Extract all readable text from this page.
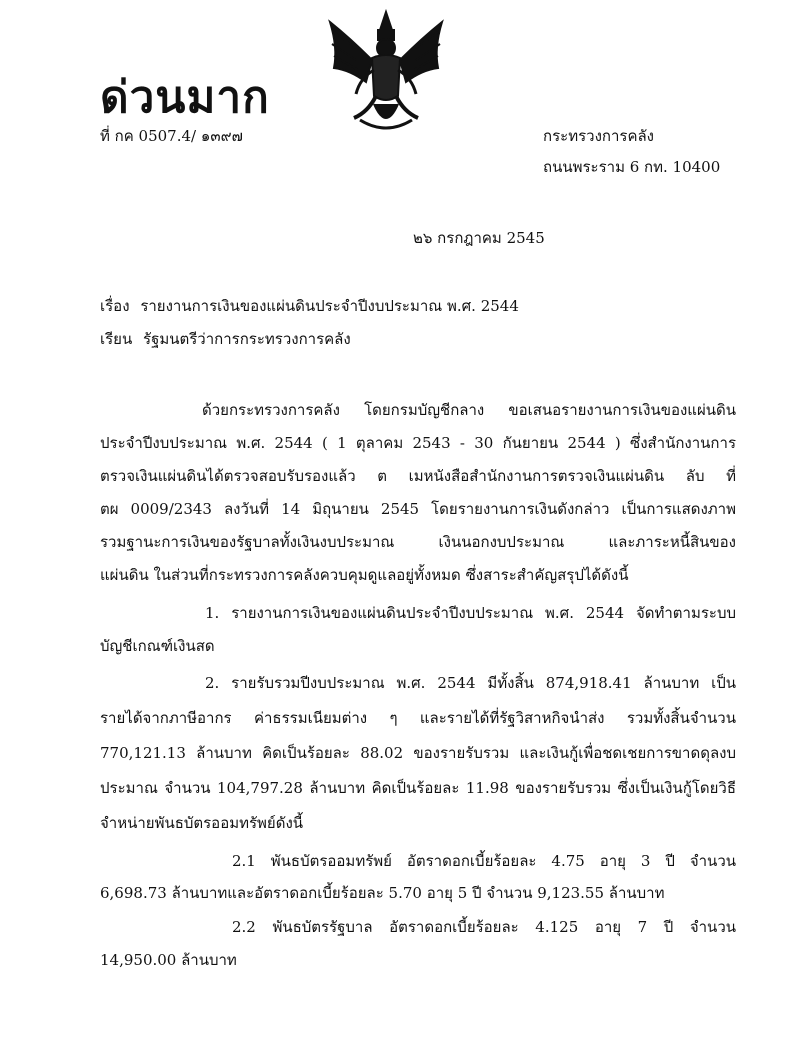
ด่วนมาก
ที่ กค 0507.4/ ๑๓๙๗	กระทรวงการคลัง
ถนนพระราม 6 กท. 10400
๒๖ กรกฎาคม 2545
เรื่อง รายงานการเงินของแผ่นดินประจำปีงบประมาณ พ.ศ. 2544
เรียน รัฐมนตรีว่าการกระทรวงการคลัง
ด้วยกระทรวงการคลัง โดยกรมบัญชีกลาง ขอเสนอรายงานการเงินของแผ่นดิน
ประจำปีงบประมาณ พ.ศ. 2544 ( 1 ตุลาคม 2543 - 30 กันยายน 2544 ) ซึ่งสำนักงานการ
ตรวจเงินแผ่นดินได้ตรวจสอบรับรองแล้ว ต เมหนังสือสำนักงานการตรวจเงินแผ่นดิน ลับ ที่
ตผ 0009/2343 ลงวันที่ 14 มิถุนายน 2545 โดยรายงานการเงินดังกล่าว เป็นการแสดงภาพ
รวมฐานะการเงินของรัฐบาลทั้งเงินงบประมาณ เงินนอกงบประมาณ และภาระหนี้สินของ
แผ่นดิน ในส่วนที่กระทรวงการคลังควบคุมดูแลอยู่ทั้งหมด ซึ่งสาระสำคัญสรุปได้ดังนี้
1. รายงานการเงินของแผ่นดินประจำปีงบประมาณ พ.ศ. 2544 จัดทำตามระบบ
บัญชีเกณฑ์เงินสด
2. รายรับรวมปีงบประมาณ พ.ศ. 2544 มีทั้งสิ้น 874,918.41 ล้านบาท เป็น
รายได้จากภาษีอากร ค่าธรรมเนียมต่าง ๆ และรายได้ที่รัฐวิสาหกิจนำส่ง รวมทั้งสิ้นจำนวน
770,121.13 ล้านบาท คิดเป็นร้อยละ 88.02 ของรายรับรวม และเงินกู้เพื่อชดเชยการขาดดุลงบ
ประมาณ จำนวน 104,797.28 ล้านบาท คิดเป็นร้อยละ 11.98 ของรายรับรวม ซึ่งเป็นเงินกู้โดยวิธี
จำหน่ายพันธบัตรออมทรัพย์ดังนี้
2.1 พันธบัตรออมทรัพย์ อัตราดอกเบี้ยร้อยละ 4.75 อายุ 3 ปี จำนวน
6,698.73 ล้านบาทและอัตราดอกเบี้ยร้อยละ 5.70 อายุ 5 ปี จำนวน 9,123.55 ล้านบาท
2.2 พันธบัตรรัฐบาล อัตราดอกเบี้ยร้อยละ 4.125 อายุ 7 ปี จำนวน
14,950.00 ล้านบาท
